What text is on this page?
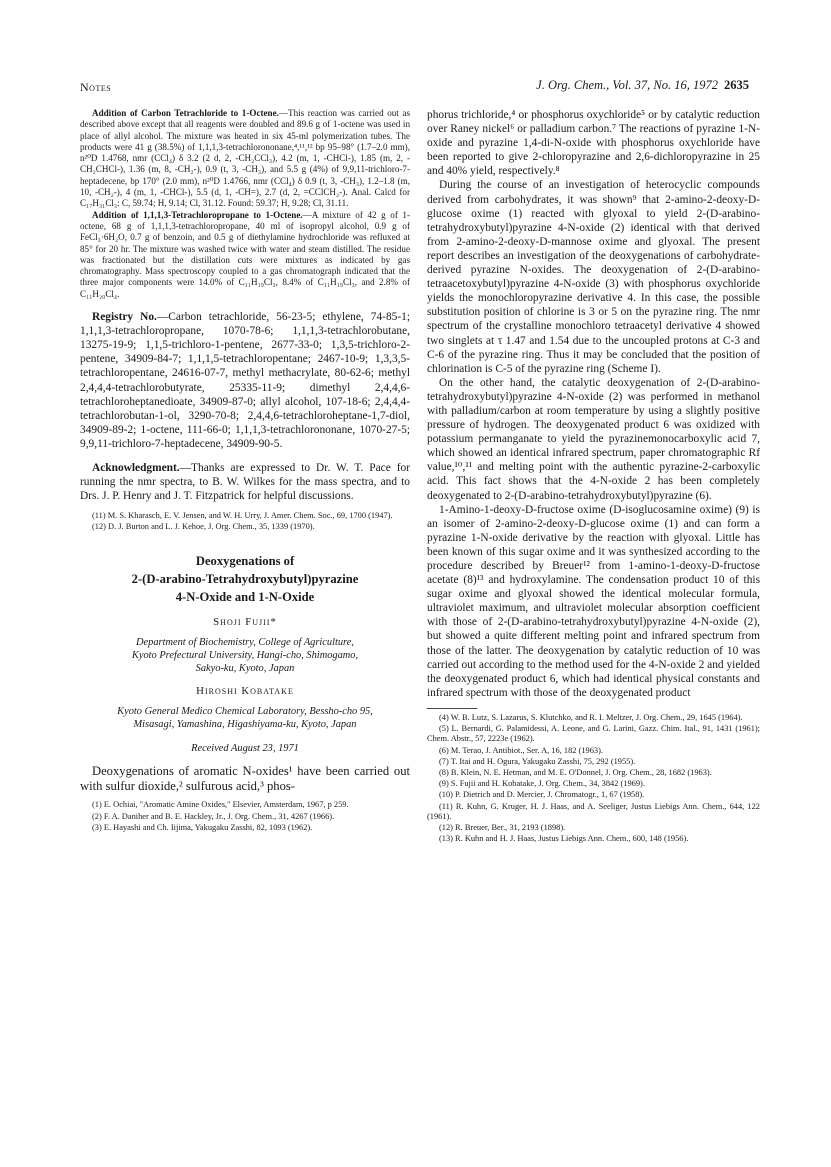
Notes	J. Org. Chem., Vol. 37, No. 16, 1972 2635

Addition of Carbon Tetrachloride to 1-Octene.—This reaction was carried out as described above except that all reagents were doubled and 89.6 g of 1-octene was used in place of allyl alcohol. The mixture was heated in six 45-ml polymerization tubes. The products were 41 g (38.5%) of 1,1,1,3-tetrachlorononane,⁴,¹¹,¹² bp 95–98° (1.7–2.0 mm), n²⁰D 1.4768, nmr (CCl₄) δ 3.2 (2 d, 2, -CH₂CCl₃), 4.2 (m, 1, -CHCl-), 1.85 (m, 2, -CH₂CHCl-), 1.36 (m, 8, -CH₂-), 0.9 (t, 3, -CH₃), and 5.5 g (4%) of 9,9,11-trichloro-7-heptadecene, bp 170° (2.0 mm), n²⁰D 1.4766, nmr (CCl₄) δ 0.9 (t, 3, -CH₃), 1.2–1.8 (m, 10, -CH₂-), 4 (m, 1, -CHCl-), 5.5 (d, 1, -CH=), 2.7 (d, 2, =CClCH₂-). Anal. Calcd for C₁₇H₃₁Cl₃: C, 59.74; H, 9.14; Cl, 31.12. Found: 59.37; H, 9.28; Cl, 31.11.

Addition of 1,1,1,3-Tetrachloropropane to 1-Octene.—A mixture of 42 g of 1-octene, 68 g of 1,1,1,3-tetrachloropropane, 40 ml of isopropyl alcohol, 0.9 g of FeCl₃·6H₂O, 0.7 g of benzoin, and 0.5 g of diethylamine hydrochloride was refluxed at 85° for 20 hr. The mixture was washed twice with water and steam distilled. The residue was fractionated but the distillation cuts were mixtures as indicated by gas chromatography. Mass spectroscopy coupled to a gas chromatograph indicated that the three major components were 14.0% of C₁₁H₁₉Cl₃, 8.4% of C₁₁H₁₉Cl₃, and 2.8% of C₁₁H₂₀Cl₄.

Registry No.—Carbon tetrachloride, 56-23-5; ethylene, 74-85-1; 1,1,1,3-tetrachloropropane, 1070-78-6; 1,1,1,3-tetrachlorobutane, 13275-19-9; 1,1,5-trichloro-1-pentene, 2677-33-0; 1,3,5-trichloro-2-pentene, 34909-84-7; 1,1,1,5-tetrachloropentane; 2467-10-9; 1,3,3,5-tetrachloropentane, 24616-07-7, methyl methacrylate, 80-62-6; methyl 2,4,4,4-tetrachlorobutyrate, 25335-11-9; dimethyl 2,4,4,6-tetrachloroheptanedioate, 34909-87-0; allyl alcohol, 107-18-6; 2,4,4,4-tetrachlorobutan-1-ol, 3290-70-8; 2,4,4,6-tetrachloroheptane-1,7-diol, 34909-89-2; 1-octene, 111-66-0; 1,1,1,3-tetrachlorononane, 1070-27-5; 9,9,11-trichloro-7-heptadecene, 34909-90-5.

Acknowledgment.—Thanks are expressed to Dr. W. T. Pace for running the nmr spectra, to B. W. Wilkes for the mass spectra, and to Drs. J. P. Henry and J. T. Fitzpatrick for helpful discussions.

(11) M. S. Kharasch, E. V. Jensen, and W. H. Urry, J. Amer. Chem. Soc., 69, 1700 (1947).

(12) D. J. Burton and L. J. Kehoe, J. Org. Chem., 35, 1339 (1970).

Deoxygenations of
2-(D-arabino-Tetrahydroxybutyl)pyrazine
4-N-Oxide and 1-N-Oxide
Shoji Fujii*
Department of Biochemistry, College of Agriculture,
Kyoto Prefectural University, Hangi-cho, Shimogamo,
Sakyo-ku, Kyoto, Japan
Hiroshi Kobatake
Kyoto General Medico Chemical Laboratory, Bessho-cho 95,
Misasagi, Yamashina, Higashiyama-ku, Kyoto, Japan
Received August 23, 1971

Deoxygenations of aromatic N-oxides¹ have been carried out with sulfur dioxide,² sulfurous acid,³ phos-

(1) E. Ochiai, "Aromatic Amine Oxides," Elsevier, Amsterdam, 1967, p 259.

(2) F. A. Daniher and B. E. Hackley, Jr., J. Org. Chem., 31, 4267 (1966).

(3) E. Hayashi and Ch. Iijima, Yakugaku Zasshi, 82, 1093 (1962).

phorus trichloride,⁴ or phosphorus oxychloride⁵ or by catalytic reduction over Raney nickel⁶ or palladium carbon.⁷ The reactions of pyrazine 1-N-oxide and pyrazine 1,4-di-N-oxide with phosphorus oxychloride have been reported to give 2-chloropyrazine and 2,6-dichloropyrazine in 25 and 40% yield, respectively.⁸

During the course of an investigation of heterocyclic compounds derived from carbohydrates, it was shown⁹ that 2-amino-2-deoxy-D-glucose oxime (1) reacted with glyoxal to yield 2-(D-arabino-tetrahydroxybutyl)pyrazine 4-N-oxide (2) identical with that derived from 2-amino-2-deoxy-D-mannose oxime and glyoxal. The present report describes an investigation of the deoxygenations of carbohydrate-derived pyrazine N-oxides. The deoxygenation of 2-(D-arabino-tetraacetoxybutyl)pyrazine 4-N-oxide (3) with phosphorus oxychloride yields the monochloropyrazine derivative 4. In this case, the possible substitution position of chlorine is 3 or 5 on the pyrazine ring. The nmr spectrum of the crystalline monochloro tetraacetyl derivative 4 showed two singlets at τ 1.47 and 1.54 due to the uncoupled protons at C-3 and C-6 of the pyrazine ring. Thus it may be concluded that the position of chlorination is C-5 of the pyrazine ring (Scheme I).

On the other hand, the catalytic deoxygenation of 2-(D-arabino-tetrahydroxybutyl)pyrazine 4-N-oxide (2) was performed in methanol with palladium/carbon at room temperature by using a slightly positive pressure of hydrogen. The deoxygenated product 6 was oxidized with potassium permanganate to yield the pyrazinemonocarboxylic acid 7, which showed an identical infrared spectrum, paper chromatographic Rf value,¹⁰,¹¹ and melting point with the authentic pyrazine-2-carboxylic acid. This fact shows that the 4-N-oxide 2 has been completely deoxygenated to 2-(D-arabino-tetrahydroxybutyl)pyrazine (6).

1-Amino-1-deoxy-D-fructose oxime (D-isoglucosamine oxime) (9) is an isomer of 2-amino-2-deoxy-D-glucose oxime (1) and can form a pyrazine 1-N-oxide derivative by the reaction with glyoxal. Little has been known of this sugar oxime and it was synthesized according to the procedure described by Breuer¹² from 1-amino-1-deoxy-D-fructose acetate (8)¹³ and hydroxylamine. The condensation product 10 of this sugar oxime and glyoxal showed the identical molecular formula, ultraviolet maximum, and ultraviolet molecular absorption coefficient with those of 2-(D-arabino-tetrahydroxybutyl)pyrazine 4-N-oxide (2), but showed a quite different melting point and infrared spectrum from those of the latter. The deoxygenation by catalytic reduction of 10 was carried out according to the method used for the 4-N-oxide 2 and yielded the deoxygenated product 6, which had identical physical constants and infrared spectrum with those of the deoxygenated product

(4) W. B. Lutz, S. Lazarus, S. Klutchko, and R. I. Meltzer, J. Org. Chem., 29, 1645 (1964).

(5) L. Bernardi, G. Palamidessi, A. Leone, and G. Larini, Gazz. Chim. Ital., 91, 1431 (1961); Chem. Abstr., 57, 2223e (1962).

(6) M. Terao, J. Antibiot., Ser. A, 16, 182 (1963).

(7) T. Itai and H. Ogura, Yakugaku Zasshi, 75, 292 (1955).

(8) B. Klein, N. E. Hetman, and M. E. O'Donnel, J. Org. Chem., 28, 1682 (1963).

(9) S. Fujii and H. Kobatake, J. Org. Chem., 34, 3842 (1969).

(10) P. Dietrich and D. Mercier, J. Chromatogr., 1, 67 (1958).

(11) R. Kuhn, G. Kruger, H. J. Haas, and A. Seeliger, Justus Liebigs Ann. Chem., 644, 122 (1961).

(12) R. Breuer, Ber., 31, 2193 (1898).

(13) R. Kuhn and H. J. Haas, Justus Liebigs Ann. Chem., 600, 148 (1956).
